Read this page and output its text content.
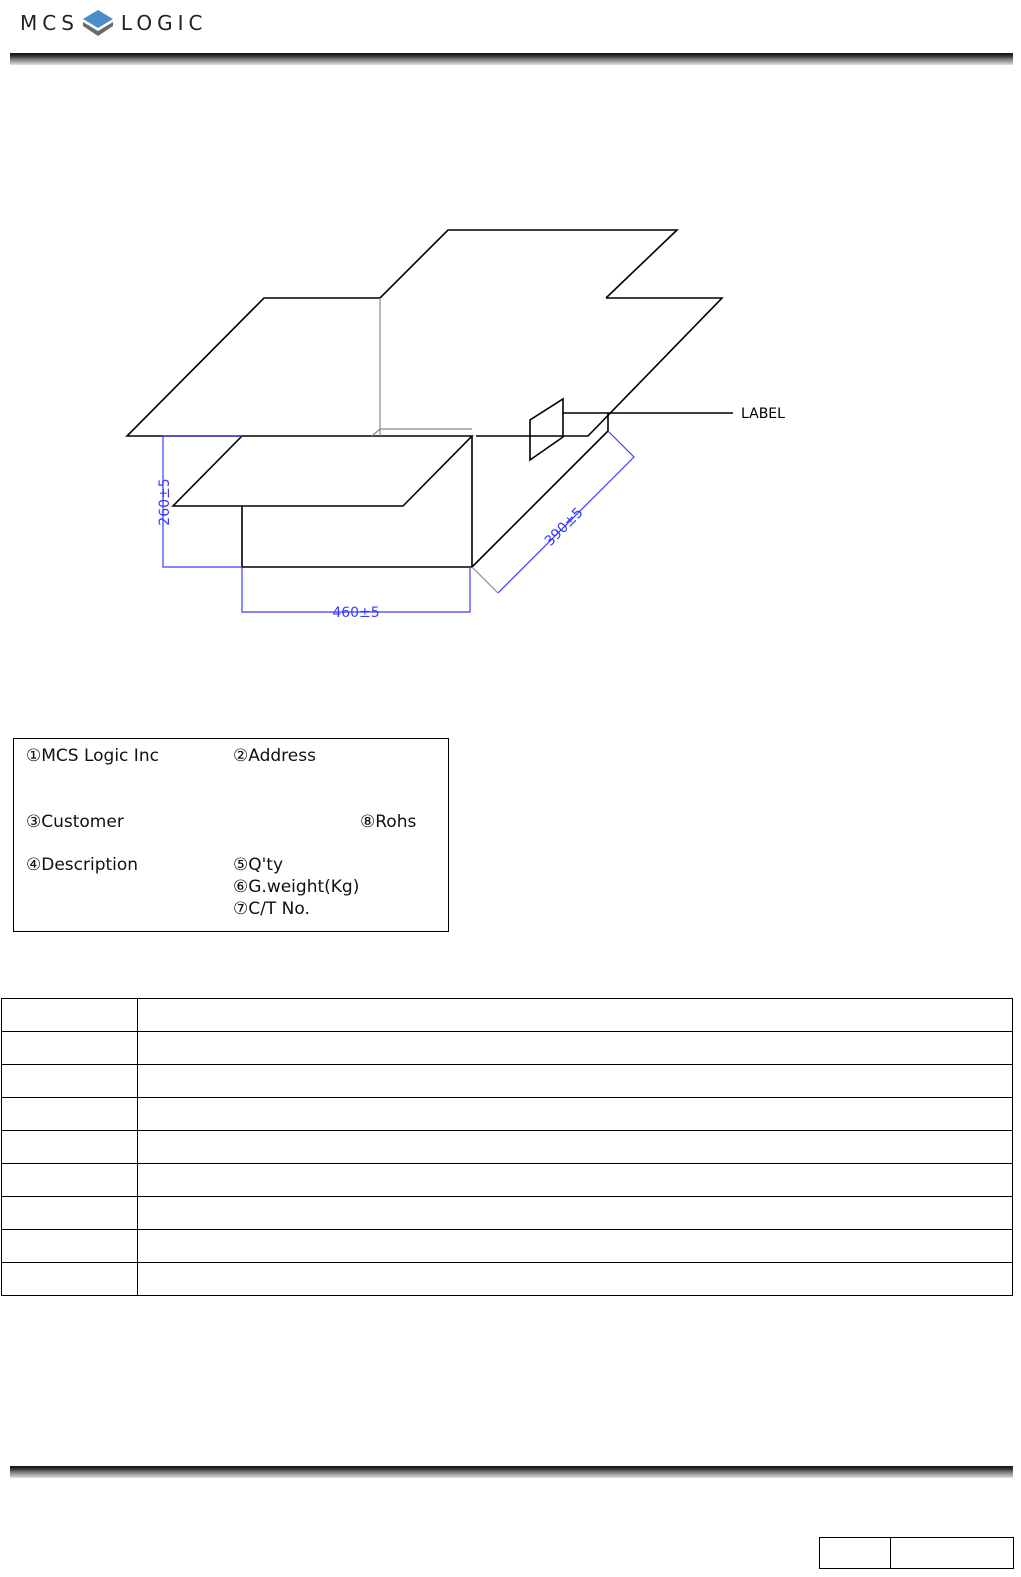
MCS LOGIC
260±5
460±5
390±5
LABEL
①MCS Logic Inc	②Address
③Customer	⑧Rohs
④Description	⑤Q'ty
⑥G.weight(Kg)
⑦C/T No.
